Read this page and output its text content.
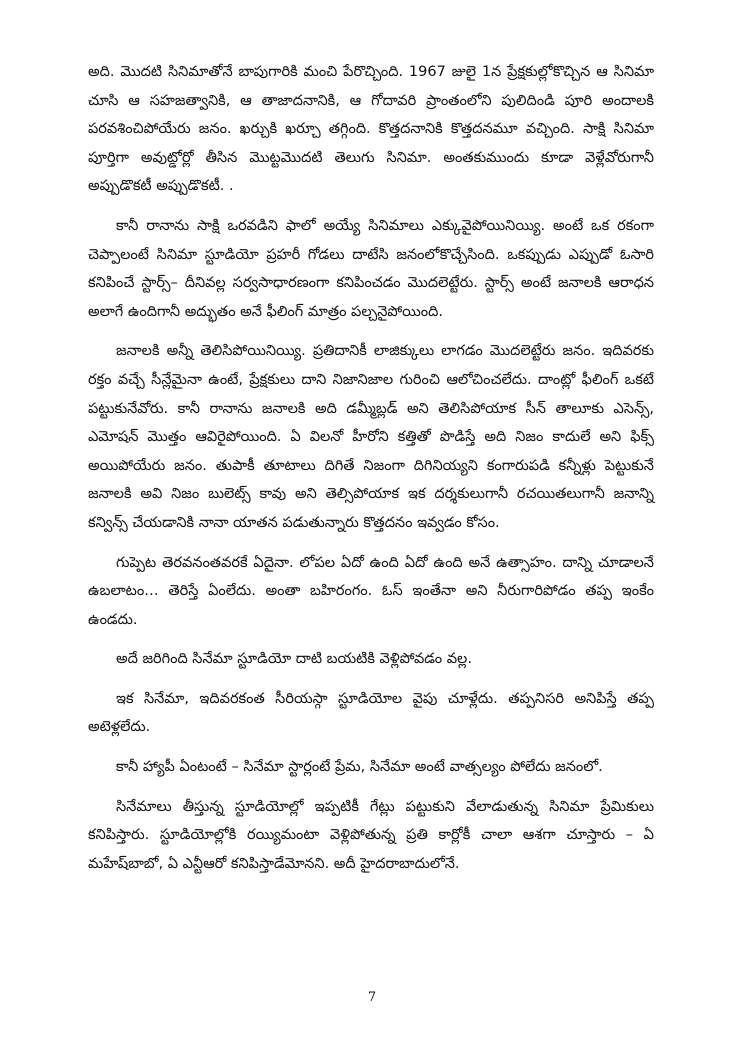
అది. మొదటి సినిమాతోనే బాపుగారికి మంచి పేరొచ్చింది. 1967 జులై 1న ప్రేక్షకుల్లోకొచ్చిన ఆ సినిమా చూసి ఆ సహజత్వానికి, ఆ తాజాదనానికి, ఆ గోదావరి ప్రాంతంలోని పులిదిండి పూరి అందాలకి పరవశించిపోయేరు జనం. ఖర్చుకి ఖర్చూ తగ్గింది. కొత్తదనానికి కొత్తదనమూ వచ్చింది. సాక్షి సినిమా పూర్తిగా అవుట్డోర్లో తీసిన మొట్టమొదటి తెలుగు సినిమా. అంతకుముందు కూడా వెళ్లేవోరుగానీ అప్పుడొకటీ అప్పుడొకటీ. .

కానీ రానాను సాక్షి ఒరవడిని ఫాలో అయ్యే సినిమాలు ఎక్కువైపోయినియ్యి. అంటే ఒక రకంగా చెప్పాలంటే సినిమా స్టూడియో ప్రహరీ గోడలు దాటేసి జనంలోకొచ్చేసింది. ఒకప్పుడు ఎప్పుడో ఓసారి కనిపించే స్టార్స్– దీనివల్ల సర్వసాధారణంగా కనిపించడం మొదలెట్టేరు. స్టార్స్ అంటే జనాలకి ఆరాధన అలాగే ఉందిగానీ అద్భుతం అనే ఫీలింగ్ మాత్రం పల్చనైపోయింది.

జనాలకి అన్నీ తెలిసిపోయినియ్యి. ప్రతిదానికీ లాజిక్కులు లాగడం మొదలెట్టేరు జనం. ఇదివరకు రక్తం వచ్చే సీన్లేమైనా ఉంటే, ప్రేక్షకులు దాని నిజానిజాల గురించి ఆలోచించలేదు. దాంట్లో ఫీలింగ్ ఒకటే పట్టుకునేవోరు. కానీ రానాను జనాలకి అది డమ్మీబ్లడ్ అని తెలిసిపోయాక సీన్ తాలూకు ఎసెన్స్, ఎమోషన్ మొత్తం ఆవిరైపోయింది. ఏ విలనో హీరోని కత్తితో పొడిస్తే అది నిజం కాదులే అని ఫిక్స్ అయిపోయేరు జనం. తుపాకీ తూటాలు దిగితే నిజంగా దిగినియ్యని కంగారుపడి కన్నీళ్లు పెట్టుకునే జనాలకి అవి నిజం బులెట్స్ కావు అని తెల్సిపోయాక ఇక దర్శకులుగానీ రచయితలుగానీ జనాన్ని కన్విన్స్ చేయడానికి నానా యాతన పడుతున్నారు కొత్తదనం ఇవ్వడం కోసం.

గుప్పెట తెరవనంతవరకే ఏదైనా. లోపల ఏదో ఉంది ఏదో ఉంది అనే ఉత్సాహం. దాన్ని చూడాలనే ఉబలాటం… తెరిస్తే ఏంలేదు. అంతా బహిరంగం. ఓస్ ఇంతేనా అని నీరుగారిపోడం తప్ప ఇంకేం ఉండదు.

అదే జరిగింది సినేమా స్టూడియో దాటి బయటికి వెళ్లిపోవడం వల్ల.

ఇక సినేమా, ఇదివరకంత సీరియస్గా స్టూడియోల వైపు చూళ్లేదు. తప్పనిసరి అనిపిస్తే తప్ప అటెళ్లలేదు.

కానీ హ్యాపీ ఏంటంటే – సినేమా స్టార్లంటే ప్రేమ, సినేమా అంటే వాత్సల్యం పోలేదు జనంలో.

సినేమాలు తీస్తున్న స్టూడియోల్లో ఇప్పటికీ గేట్లు పట్టుకుని వేలాడుతున్న సినిమా ప్రేమికులు కనిపిస్తారు. స్టూడియోల్లోకి రయ్యిమంటా వెళ్లిపోతున్న ప్రతి కార్లోకీ చాలా ఆశగా చూస్తారు – ఏ మహేష్‌బాబో, ఏ ఎన్టీఆరో కనిపిస్తాడేమోనని. అదీ హైదరాబాదులోనే.

7
